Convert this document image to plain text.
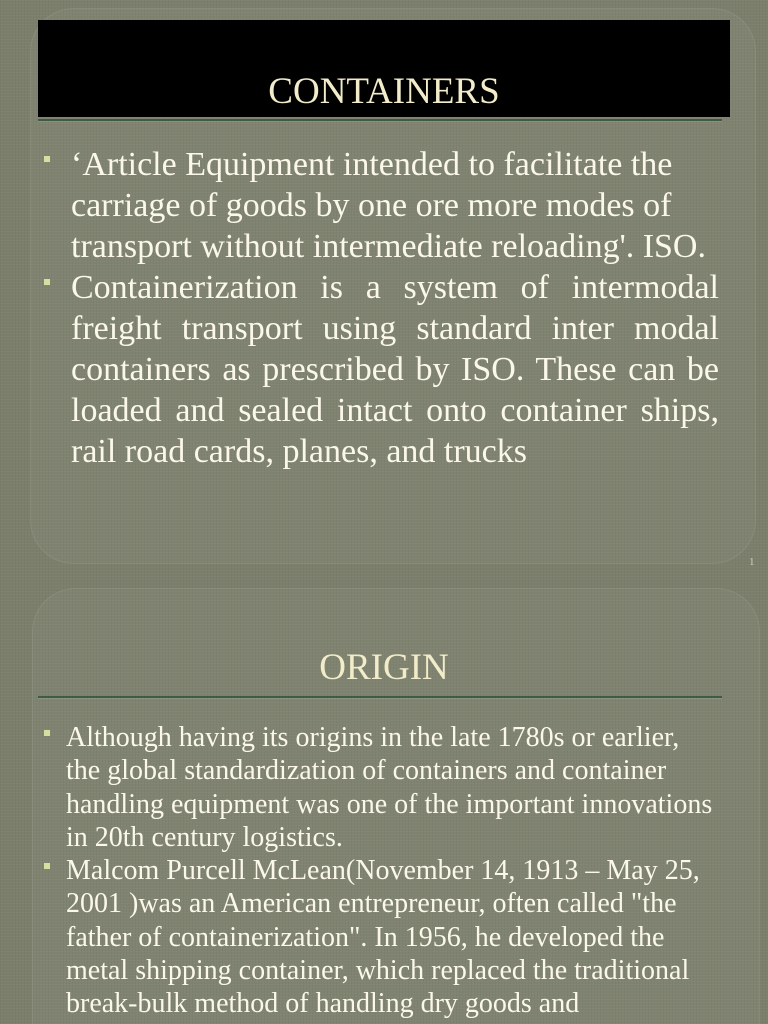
CONTAINERS
‘Article Equipment intended to facilitate the
carriage of goods by one ore more modes of
transport without intermediate reloading'. ISO.
Containerization is a system of intermodal
freight transport using standard inter modal
containers as prescribed by ISO. These can be
loaded and sealed intact onto container ships,
rail road cards, planes, and trucks
1
ORIGIN
Although having its origins in the late 1780s or earlier,
the global standardization of containers and container
handling equipment was one of the important innovations
in 20th century logistics.
Malcom Purcell McLean(November 14, 1913 – May 25,
2001 )was an American entrepreneur, often called "the
father of containerization". In 1956, he developed the
metal shipping container, which replaced the traditional
break-bulk method of handling dry goods and
